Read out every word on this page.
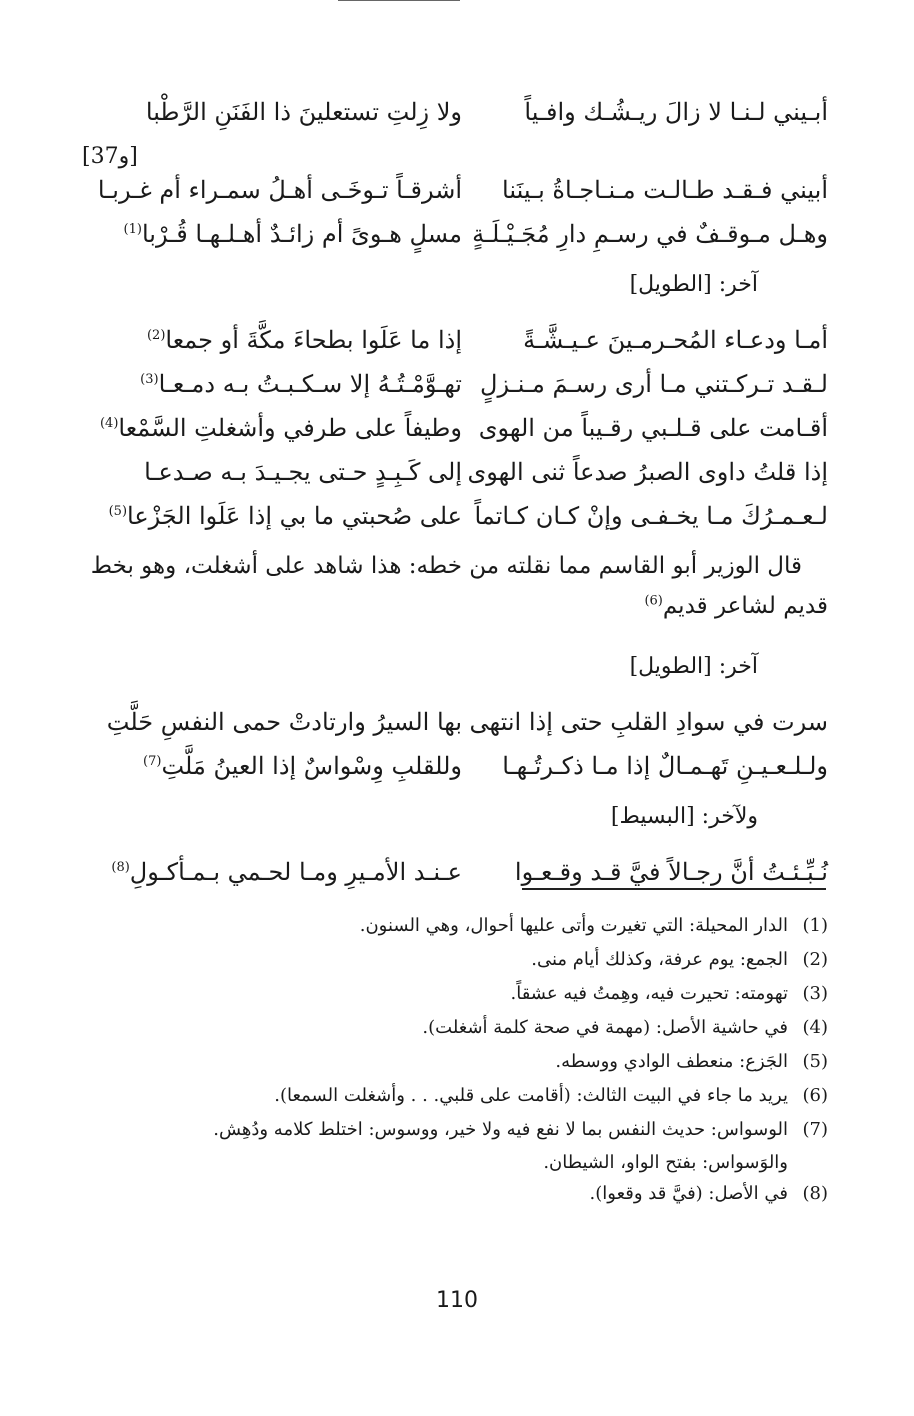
أبـيني لـنـا لا زالَ ريـشُـك وافـياً
ولا زِلتِ تستعلينَ ذا الفَنَنِ الرَّطْبا
[37و]
أبيني فـقـد طـالـت مـنـاجـاةُ بـينَنا
أشرقـاً تـوخَـى أهـلُ سمـراء أم غـربـا
وهـل مـوقـفٌ في رسـمِ دارِ مُجَـيْـلَـةٍ
مسلٍ هـوىً أم زائـدٌ أهـلـهـا قُـرْبا$^{(1)}$
آخر: [الطويل]
أمـا ودعـاء المُحـرمـينَ عـيـشَّـةً
إذا ما عَلَوا بطحاءَ مكَّةَ أو جمعا$^{(2)}$
لـقـد تـركـتني مـا أرى رسـمَ مـنـزلٍ
تهـوَّمْـتُـهُ إلا سـكـبـتُ بـه دمـعـا$^{(3)}$
أقـامت على قـلـبي رقـيباً من الهوى
وطيفاً على طرفي وأشغلتِ السَّمْعا$^{(4)}$
إذا قلتُ داوى الصبرُ صدعاً ثنى الهوى
إلى كَـبِـدٍ حـتى يجـيـدَ بـه صـدعـا
لـعـمـرُكَ مـا يخـفـى وإنْ كـان كـاتماً
على صُحبتي ما بي إذا عَلَوا الجَزْعا$^{(5)}$

قال الوزير أبو القاسم مما نقلته من خطه: هذا شاهد على أشغلت، وهو بخط قديم لشاعر قديم$^{(6)}$

آخر: [الطويل]
سرت في سوادِ القلبِ حتى إذا انتهى
بها السيرُ وارتادتْ حمى النفسِ حَلَّتِ
ولـلـعـيـنِ تَهـمـالٌ إذا مـا ذكـرتُـهـا
وللقلبِ وِسْواسٌ إذا العينُ مَلَّتِ$^{(7)}$
ولآخر: [البسيط]
نُـبِّـئـتُ أنَّ رجـالاً فيَّ قـد وقـعـوا
عـنـد الأمـيرِ ومـا لحـمي بـمـأكـولِ$^{(8)}$
(1)
الدار المحيلة: التي تغيرت وأتى عليها أحوال، وهي السنون.
(2)
الجمع: يوم عرفة، وكذلك أيام منى.
(3)
تهومته: تحيرت فيه، وهِمتُ فيه عشقاً.
(4)
في حاشية الأصل: (مهمة في صحة كلمة أشغلت).
(5)
الجَزع: منعطف الوادي ووسطه.
(6)
يريد ما جاء في البيت الثالث: (أقامت على قلبي. . . وأشغلت السمعا).
(7)
الوسواس: حديث النفس بما لا نفع فيه ولا خير، ووسوس: اختلط كلامه ودُهِش.
والوَسواس: بفتح الواو، الشيطان.
(8)
في الأصل: (فيَّ قد وقعوا).
110
